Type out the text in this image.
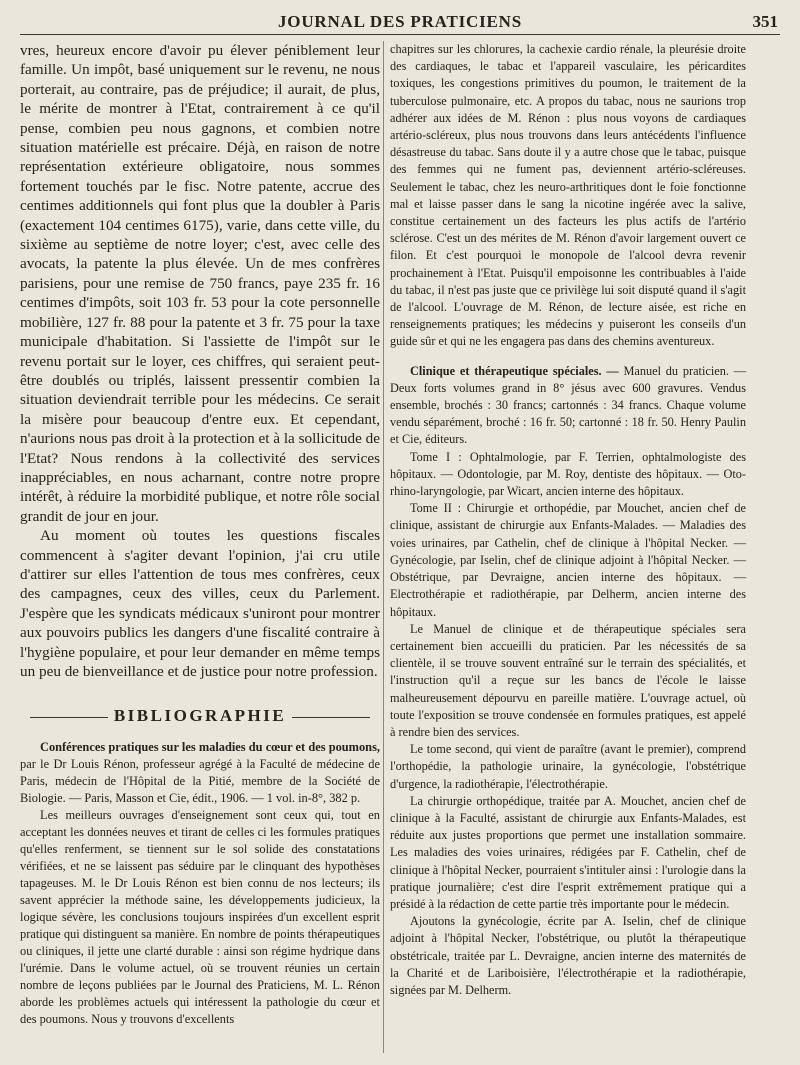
JOURNAL DES PRATICIENS	351

vres, heureux encore d'avoir pu élever péniblement leur famille. Un impôt, basé uniquement sur le revenu, ne nous porterait, au contraire, pas de préjudice; il aurait, de plus, le mérite de montrer à l'Etat, contrairement à ce qu'il pense, combien peu nous gagnons, et combien notre situation matérielle est précaire. Déjà, en raison de notre représentation extérieure obligatoire, nous sommes fortement touchés par le fisc. Notre patente, accrue des centimes additionnels qui font plus que la doubler à Paris (exactement 104 centimes 6175), varie, dans cette ville, du sixième au septième de notre loyer; c'est, avec celle des avocats, la patente la plus élevée. Un de mes confrères parisiens, pour une remise de 750 francs, paye 235 fr. 16 centimes d'impôts, soit 103 fr. 53 pour la cote personnelle mobilière, 127 fr. 88 pour la patente et 3 fr. 75 pour la taxe municipale d'habitation. Si l'assiette de l'impôt sur le revenu portait sur le loyer, ces chiffres, qui seraient peut-être doublés ou triplés, laissent pressentir combien la situation deviendrait terrible pour les médecins. Ce serait la misère pour beaucoup d'entre eux. Et cependant, n'aurions nous pas droit à la protection et à la sollicitude de l'Etat? Nous rendons à la collectivité des services inappréciables, en nous acharnant, contre notre propre intérêt, à réduire la morbidité publique, et notre rôle social grandit de jour en jour.

Au moment où toutes les questions fiscales commencent à s'agiter devant l'opinion, j'ai cru utile d'attirer sur elles l'attention de tous mes confrères, ceux des campagnes, ceux des villes, ceux du Parlement. J'espère que les syndicats médicaux s'uniront pour montrer aux pouvoirs publics les dangers d'une fiscalité contraire à l'hygiène populaire, et pour leur demander en même temps un peu de bienveillance et de justice pour notre profession.

BIBLIOGRAPHIE

Conférences pratiques sur les maladies du cœur et des poumons, par le Dr Louis Rénon, professeur agrégé à la Faculté de médecine de Paris, médecin de l'Hôpital de la Pitié, membre de la Société de Biologie. — Paris, Masson et Cie, édit., 1906. — 1 vol. in-8°, 382 p.

Les meilleurs ouvrages d'enseignement sont ceux qui, tout en acceptant les données neuves et tirant de celles ci les formules pratiques qu'elles renferment, se tiennent sur le sol solide des constatations vérifiées, et ne se laissent pas séduire par le clinquant des hypothèses tapageuses. M. le Dr Louis Rénon est bien connu de nos lecteurs; ils savent apprécier la méthode saine, les développements judicieux, la logique sévère, les conclusions toujours inspirées d'un excellent esprit pratique qui distinguent sa manière. En nombre de points thérapeutiques ou cliniques, il jette une clarté durable : ainsi son régime hydrique dans l'urémie. Dans le volume actuel, où se trouvent réunies un certain nombre de leçons publiées par le Journal des Praticiens, M. L. Rénon aborde les problèmes actuels qui intéressent la pathologie du cœur et des poumons. Nous y trouvons d'excellents

chapitres sur les chlorures, la cachexie cardio rénale, la pleurésie droite des cardiaques, le tabac et l'appareil vasculaire, les péricardites toxiques, les congestions primitives du poumon, le traitement de la tuberculose pulmonaire, etc. A propos du tabac, nous ne saurions trop adhérer aux idées de M. Rénon : plus nous voyons de cardiaques artério-scléreux, plus nous trouvons dans leurs antécédents l'influence désastreuse du tabac. Sans doute il y a autre chose que le tabac, puisque des femmes qui ne fument pas, deviennent artério-scléreuses. Seulement le tabac, chez les neuro-arthritiques dont le foie fonctionne mal et laisse passer dans le sang la nicotine ingérée avec la salive, constitue certainement un des facteurs les plus actifs de l'artério sclérose. C'est un des mérites de M. Rénon d'avoir largement ouvert ce filon. Et c'est pourquoi le monopole de l'alcool devra revenir prochainement à l'Etat. Puisqu'il empoisonne les contribuables à l'aide du tabac, il n'est pas juste que ce privilège lui soit disputé quand il s'agit de l'alcool. L'ouvrage de M. Rénon, de lecture aisée, est riche en renseignements pratiques; les médecins y puiseront les conseils d'un guide sûr et qui ne les engagera pas dans des chemins aventureux.

Clinique et thérapeutique spéciales. — Manuel du praticien. — Deux forts volumes grand in 8° jésus avec 600 gravures. Vendus ensemble, brochés : 30 francs; cartonnés : 34 francs. Chaque volume vendu séparément, broché : 16 fr. 50; cartonné : 18 fr. 50. Henry Paulin et Cie, éditeurs.

Tome I : Ophtalmologie, par F. Terrien, ophtalmologiste des hôpitaux. — Odontologie, par M. Roy, dentiste des hôpitaux. — Oto-rhino-laryngologie, par Wicart, ancien interne des hôpitaux.

Tome II : Chirurgie et orthopédie, par Mouchet, ancien chef de clinique, assistant de chirurgie aux Enfants-Malades. — Maladies des voies urinaires, par Cathelin, chef de clinique à l'hôpital Necker. — Gynécologie, par Iselin, chef de clinique adjoint à l'hôpital Necker. — Obstétrique, par Devraigne, ancien interne des hôpitaux. — Electrothérapie et radiothérapie, par Delherm, ancien interne des hôpitaux.

Le Manuel de clinique et de thérapeutique spéciales sera certainement bien accueilli du praticien. Par les nécessités de sa clientèle, il se trouve souvent entraîné sur le terrain des spécialités, et l'instruction qu'il a reçue sur les bancs de l'école le laisse malheureusement dépourvu en pareille matière. L'ouvrage actuel, où toute l'exposition se trouve condensée en formules pratiques, est appelé à rendre bien des services.

Le tome second, qui vient de paraître (avant le premier), comprend l'orthopédie, la pathologie urinaire, la gynécologie, l'obstétrique d'urgence, la radiothérapie, l'électrothérapie.

La chirurgie orthopédique, traitée par A. Mouchet, ancien chef de clinique à la Faculté, assistant de chirurgie aux Enfants-Malades, est réduite aux justes proportions que permet une installation sommaire. Les maladies des voies urinaires, rédigées par F. Cathelin, chef de clinique à l'hôpital Necker, pourraient s'intituler ainsi : l'urologie dans la pratique journalière; c'est dire l'esprit extrêmement pratique qui a présidé à la rédaction de cette partie très importante pour le médecin.

Ajoutons la gynécologie, écrite par A. Iselin, chef de clinique adjoint à l'hôpital Necker, l'obstétrique, ou plutôt la thérapeutique obstétricale, traitée par L. Devraigne, ancien interne des maternités de la Charité et de Lariboisière, l'électrothérapie et la radiothérapie, signées par M. Delherm.
